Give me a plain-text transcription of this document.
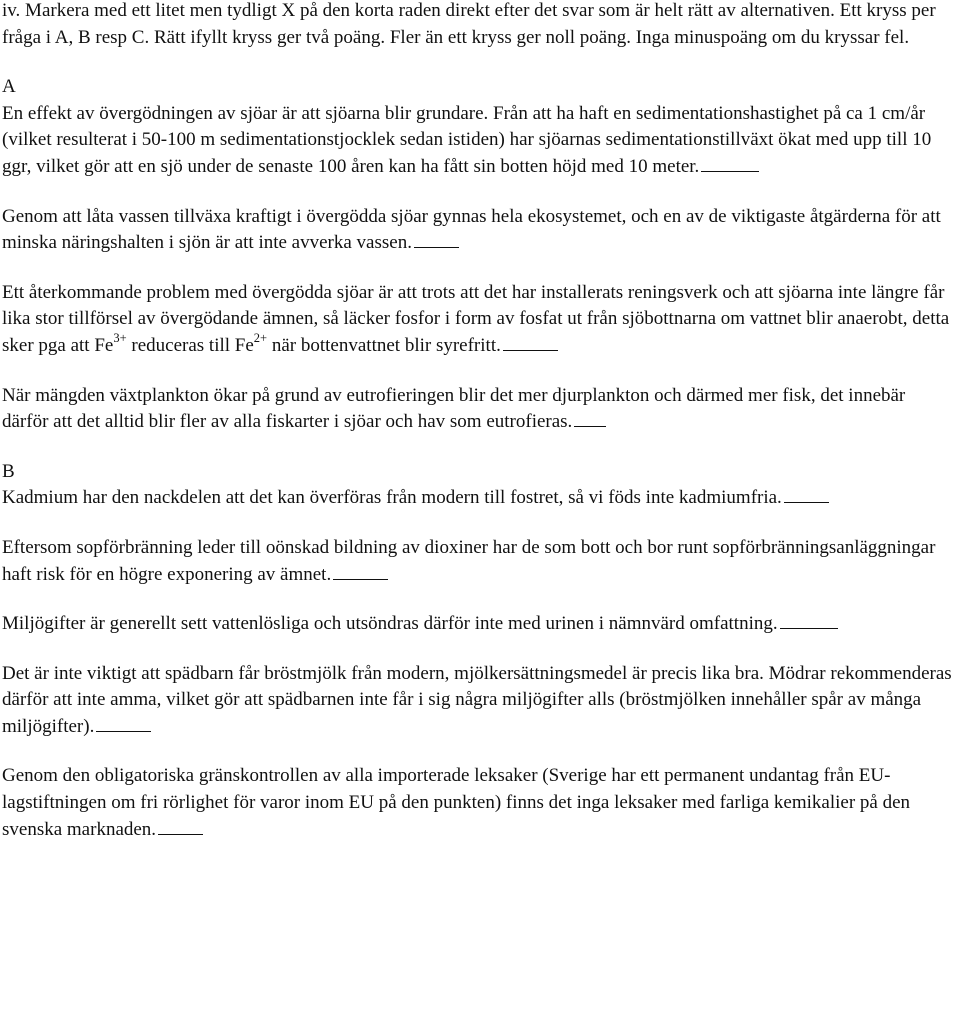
iv. Markera med ett litet men tydligt X på den korta raden direkt efter det svar som är helt rätt av alternativen. Ett kryss per fråga i A, B resp C. Rätt ifyllt kryss ger två poäng. Fler än ett kryss ger noll poäng. Inga minuspoäng om du kryssar fel.

A

En effekt av övergödningen av sjöar är att sjöarna blir grundare. Från att ha haft en sedimentationshastighet på ca 1 cm/år (vilket resulterat i 50-100 m sedimentationstjocklek sedan istiden) har sjöarnas sedimentationstillväxt ökat med upp till 10 ggr, vilket gör att en sjö under de senaste 100 åren kan ha fått sin botten höjd med 10 meter.

Genom att låta vassen tillväxa kraftigt i övergödda sjöar gynnas hela ekosystemet, och en av de viktigaste åtgärderna för att minska näringshalten i sjön är att inte avverka vassen.

Ett återkommande problem med övergödda sjöar är att trots att det har installerats reningsverk och att sjöarna inte längre får lika stor tillförsel av övergödande ämnen, så läcker fosfor i form av fosfat ut från sjöbottnarna om vattnet blir anaerobt, detta sker pga att $Fe^{3+}$ reduceras till $Fe^{2+}$ när bottenvattnet blir syrefritt.

När mängden växtplankton ökar på grund av eutrofieringen blir det mer djurplankton och därmed mer fisk, det innebär därför att det alltid blir fler av alla fiskarter i sjöar och hav som eutrofieras.

B

Kadmium har den nackdelen att det kan överföras från modern till fostret, så vi föds inte kadmiumfria.

Eftersom sopförbränning leder till oönskad bildning av dioxiner har de som bott och bor runt sopförbränningsanläggningar haft risk för en högre exponering av ämnet.

Miljögifter är generellt sett vattenlösliga och utsöndras därför inte med urinen i nämnvärd omfattning.

Det är inte viktigt att spädbarn får bröstmjölk från modern, mjölkersättningsmedel är precis lika bra. Mödrar rekommenderas därför att inte amma, vilket gör att spädbarnen inte får i sig några miljögifter alls (bröstmjölken innehåller spår av många miljögifter).

Genom den obligatoriska gränskontrollen av alla importerade leksaker (Sverige har ett permanent undantag från EU-lagstiftningen om fri rörlighet för varor inom EU på den punkten) finns det inga leksaker med farliga kemikalier på den svenska marknaden.
